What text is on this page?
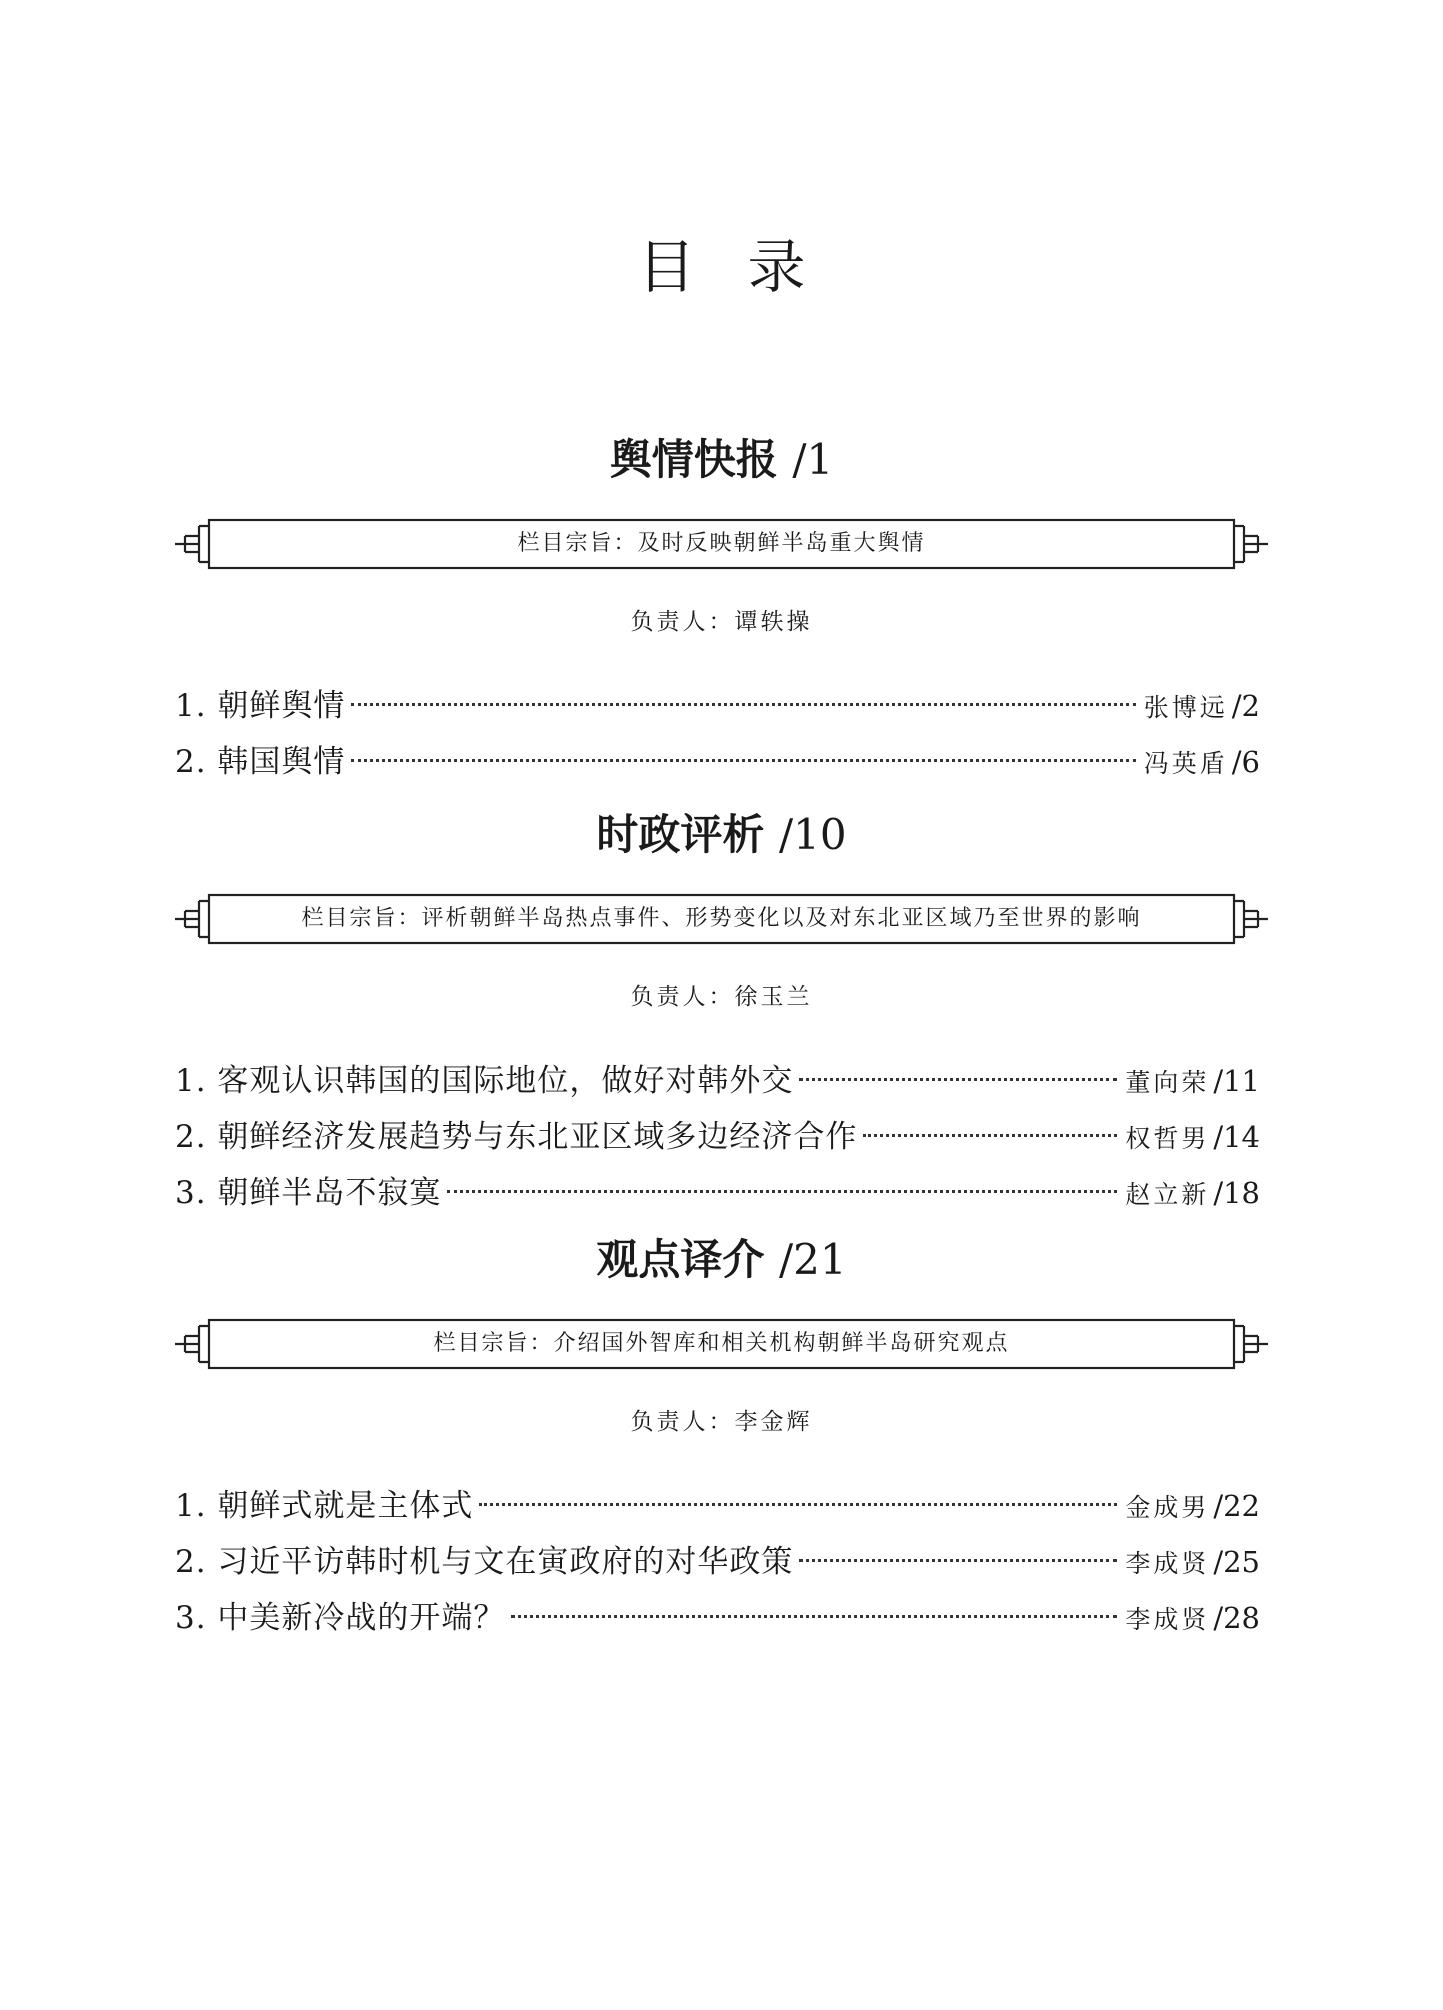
目录
舆情快报 /1
栏目宗旨：及时反映朝鲜半岛重大舆情
负责人：谭轶操
1. 朝鲜舆情	张博远 /2
2. 韩国舆情	冯英盾 /6
时政评析 /10
栏目宗旨：评析朝鲜半岛热点事件、形势变化以及对东北亚区域乃至世界的影响
负责人：徐玉兰
1. 客观认识韩国的国际地位，做好对韩外交	董向荣 /11
2. 朝鲜经济发展趋势与东北亚区域多边经济合作	权哲男 /14
3. 朝鲜半岛不寂寞	赵立新 /18
观点译介 /21
栏目宗旨：介绍国外智库和相关机构朝鲜半岛研究观点
负责人：李金辉
1. 朝鲜式就是主体式	金成男 /22
2. 习近平访韩时机与文在寅政府的对华政策	李成贤 /25
3. 中美新冷战的开端？	李成贤 /28
